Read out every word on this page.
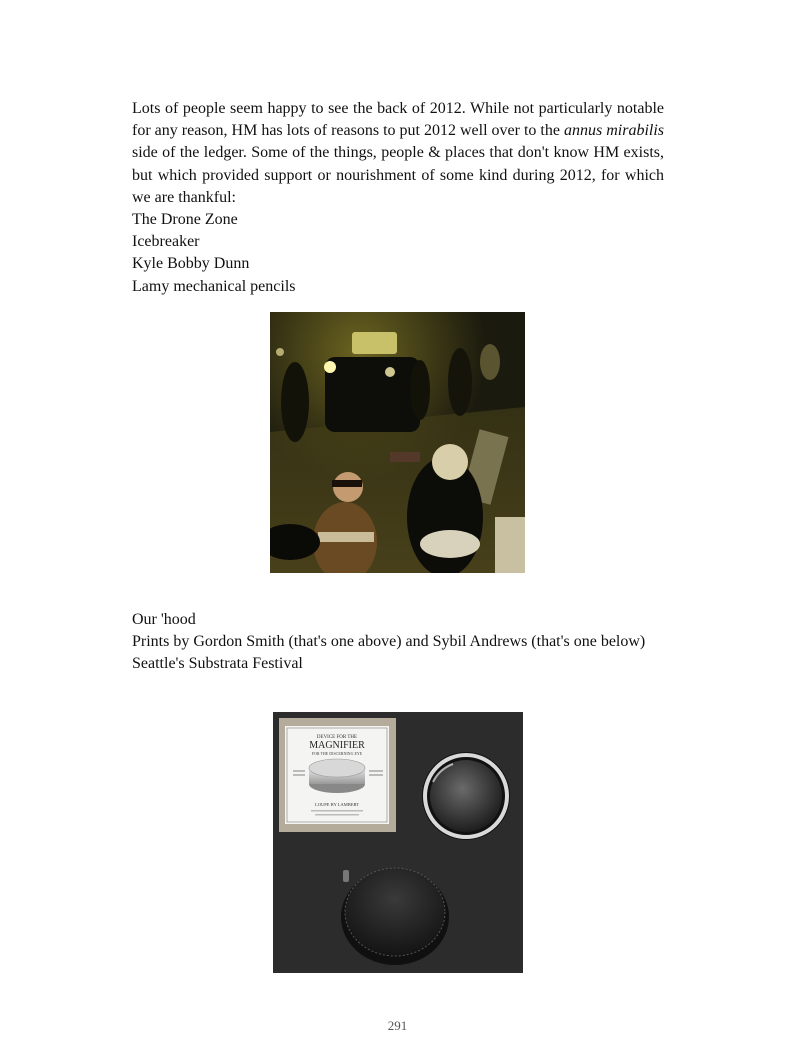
Lots of people seem happy to see the back of 2012. While not particularly notable for any reason, HM has lots of reasons to put 2012 well over to the annus mirabilis side of the ledger. Some of the things, people & places that don't know HM exists, but which provided support or nourishment of some kind during 2012, for which we are thankful:

The Drone Zone

Icebreaker

Kyle Bobby Dunn

Lamy mechanical pencils

Our 'hood

Prints by Gordon Smith (that's one above) and Sybil Andrews (that's one below)

Seattle's Substrata Festival

DEVICE FOR THE
MAGNIFIER
FOR THE DISCERNING EYE
LOUPE BY LAMBERT
291
